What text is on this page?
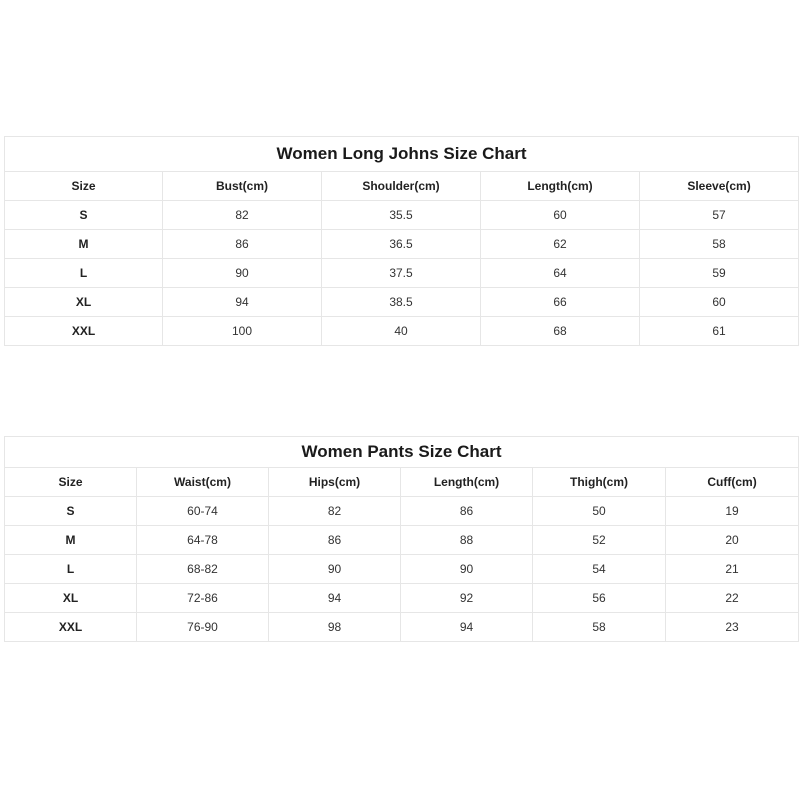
Women Long Johns Size Chart				
Size	Bust(cm)	Shoulder(cm)	Length(cm)	Sleeve(cm)
S	82	35.5	60	57
M	86	36.5	62	58
L	90	37.5	64	59
XL	94	38.5	66	60
XXL	100	40	68	61
Women Pants Size Chart					
Size	Waist(cm)	Hips(cm)	Length(cm)	Thigh(cm)	Cuff(cm)
S	60-74	82	86	50	19
M	64-78	86	88	52	20
L	68-82	90	90	54	21
XL	72-86	94	92	56	22
XXL	76-90	98	94	58	23
